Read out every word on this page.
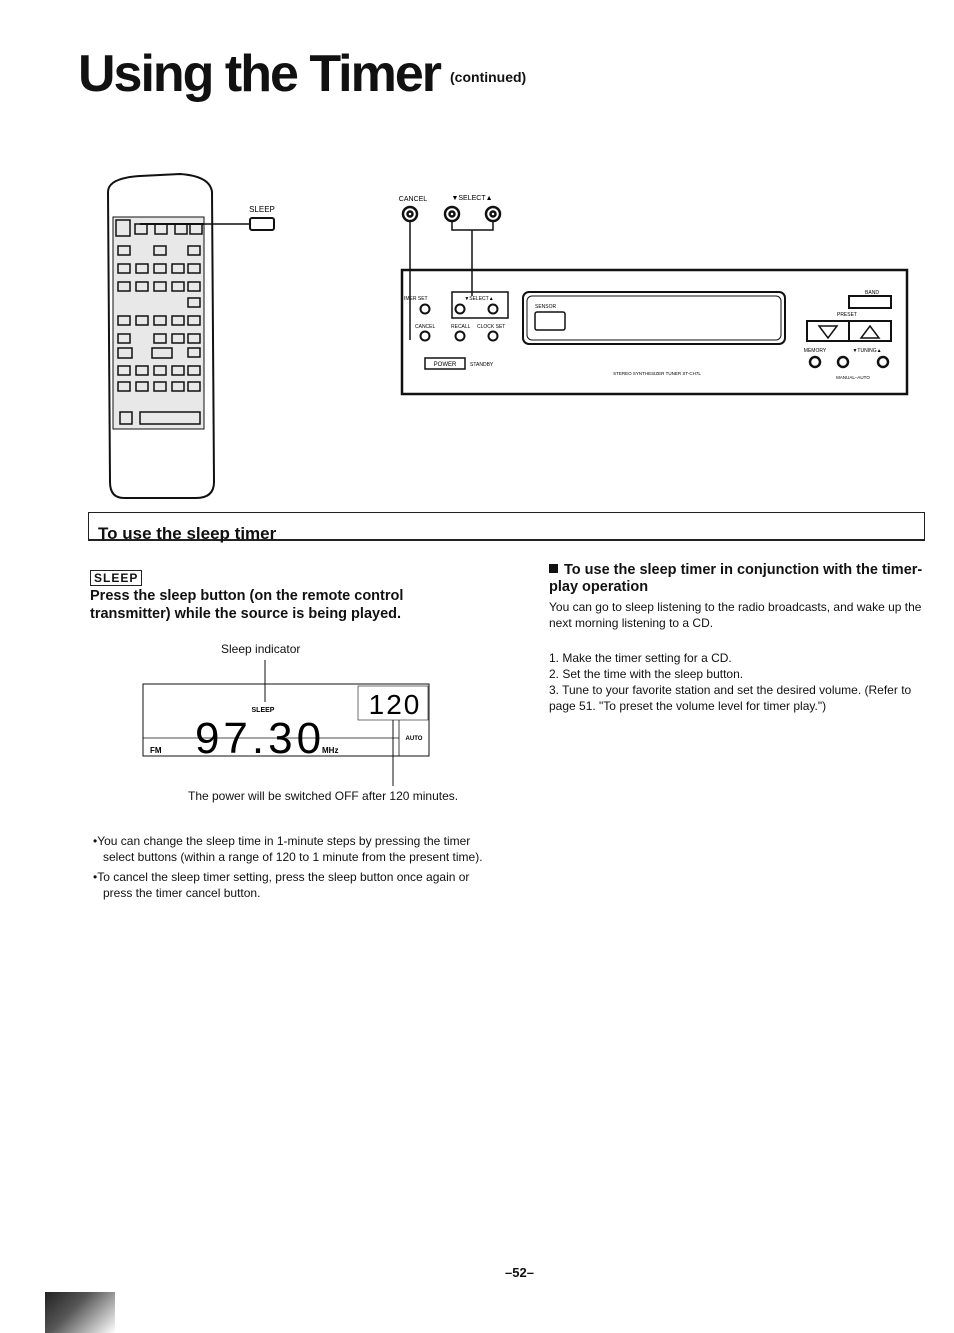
Using the Timer (continued)
SLEEP
CANCEL	▼SELECT▲
IMER SET	▼SELECT▲
CANCEL	RECALL CLOCK SET
POWER	STANDBY
SENSOR
STEREO SYNTHESIZER TUNER ST-CH7L
BAND
PRESET
MEMORY	▼TUNING▲
MANUAL–AUTO
To use the sleep timer
SLEEP
Press the sleep button (on the remote control transmitter) while the source is being played.
Sleep indicator
SLEEP	120
FM 97.30
MHz
AUTO
The power will be switched OFF after 120 minutes.

•You can change the sleep time in 1-minute steps by pressing the timer select buttons (within a range of 120 to 1 minute from the present time).

•To cancel the sleep timer setting, press the sleep button once again or press the timer cancel button.

To use the sleep timer in conjunction with the timer-play operation
You can go to sleep listening to the radio broadcasts, and wake up the next morning listening to a CD.
1. Make the timer setting for a CD.
2. Set the time with the sleep button.
3. Tune to your favorite station and set the desired volume. (Refer to page 51. "To preset the volume level for timer play.")
–52–
